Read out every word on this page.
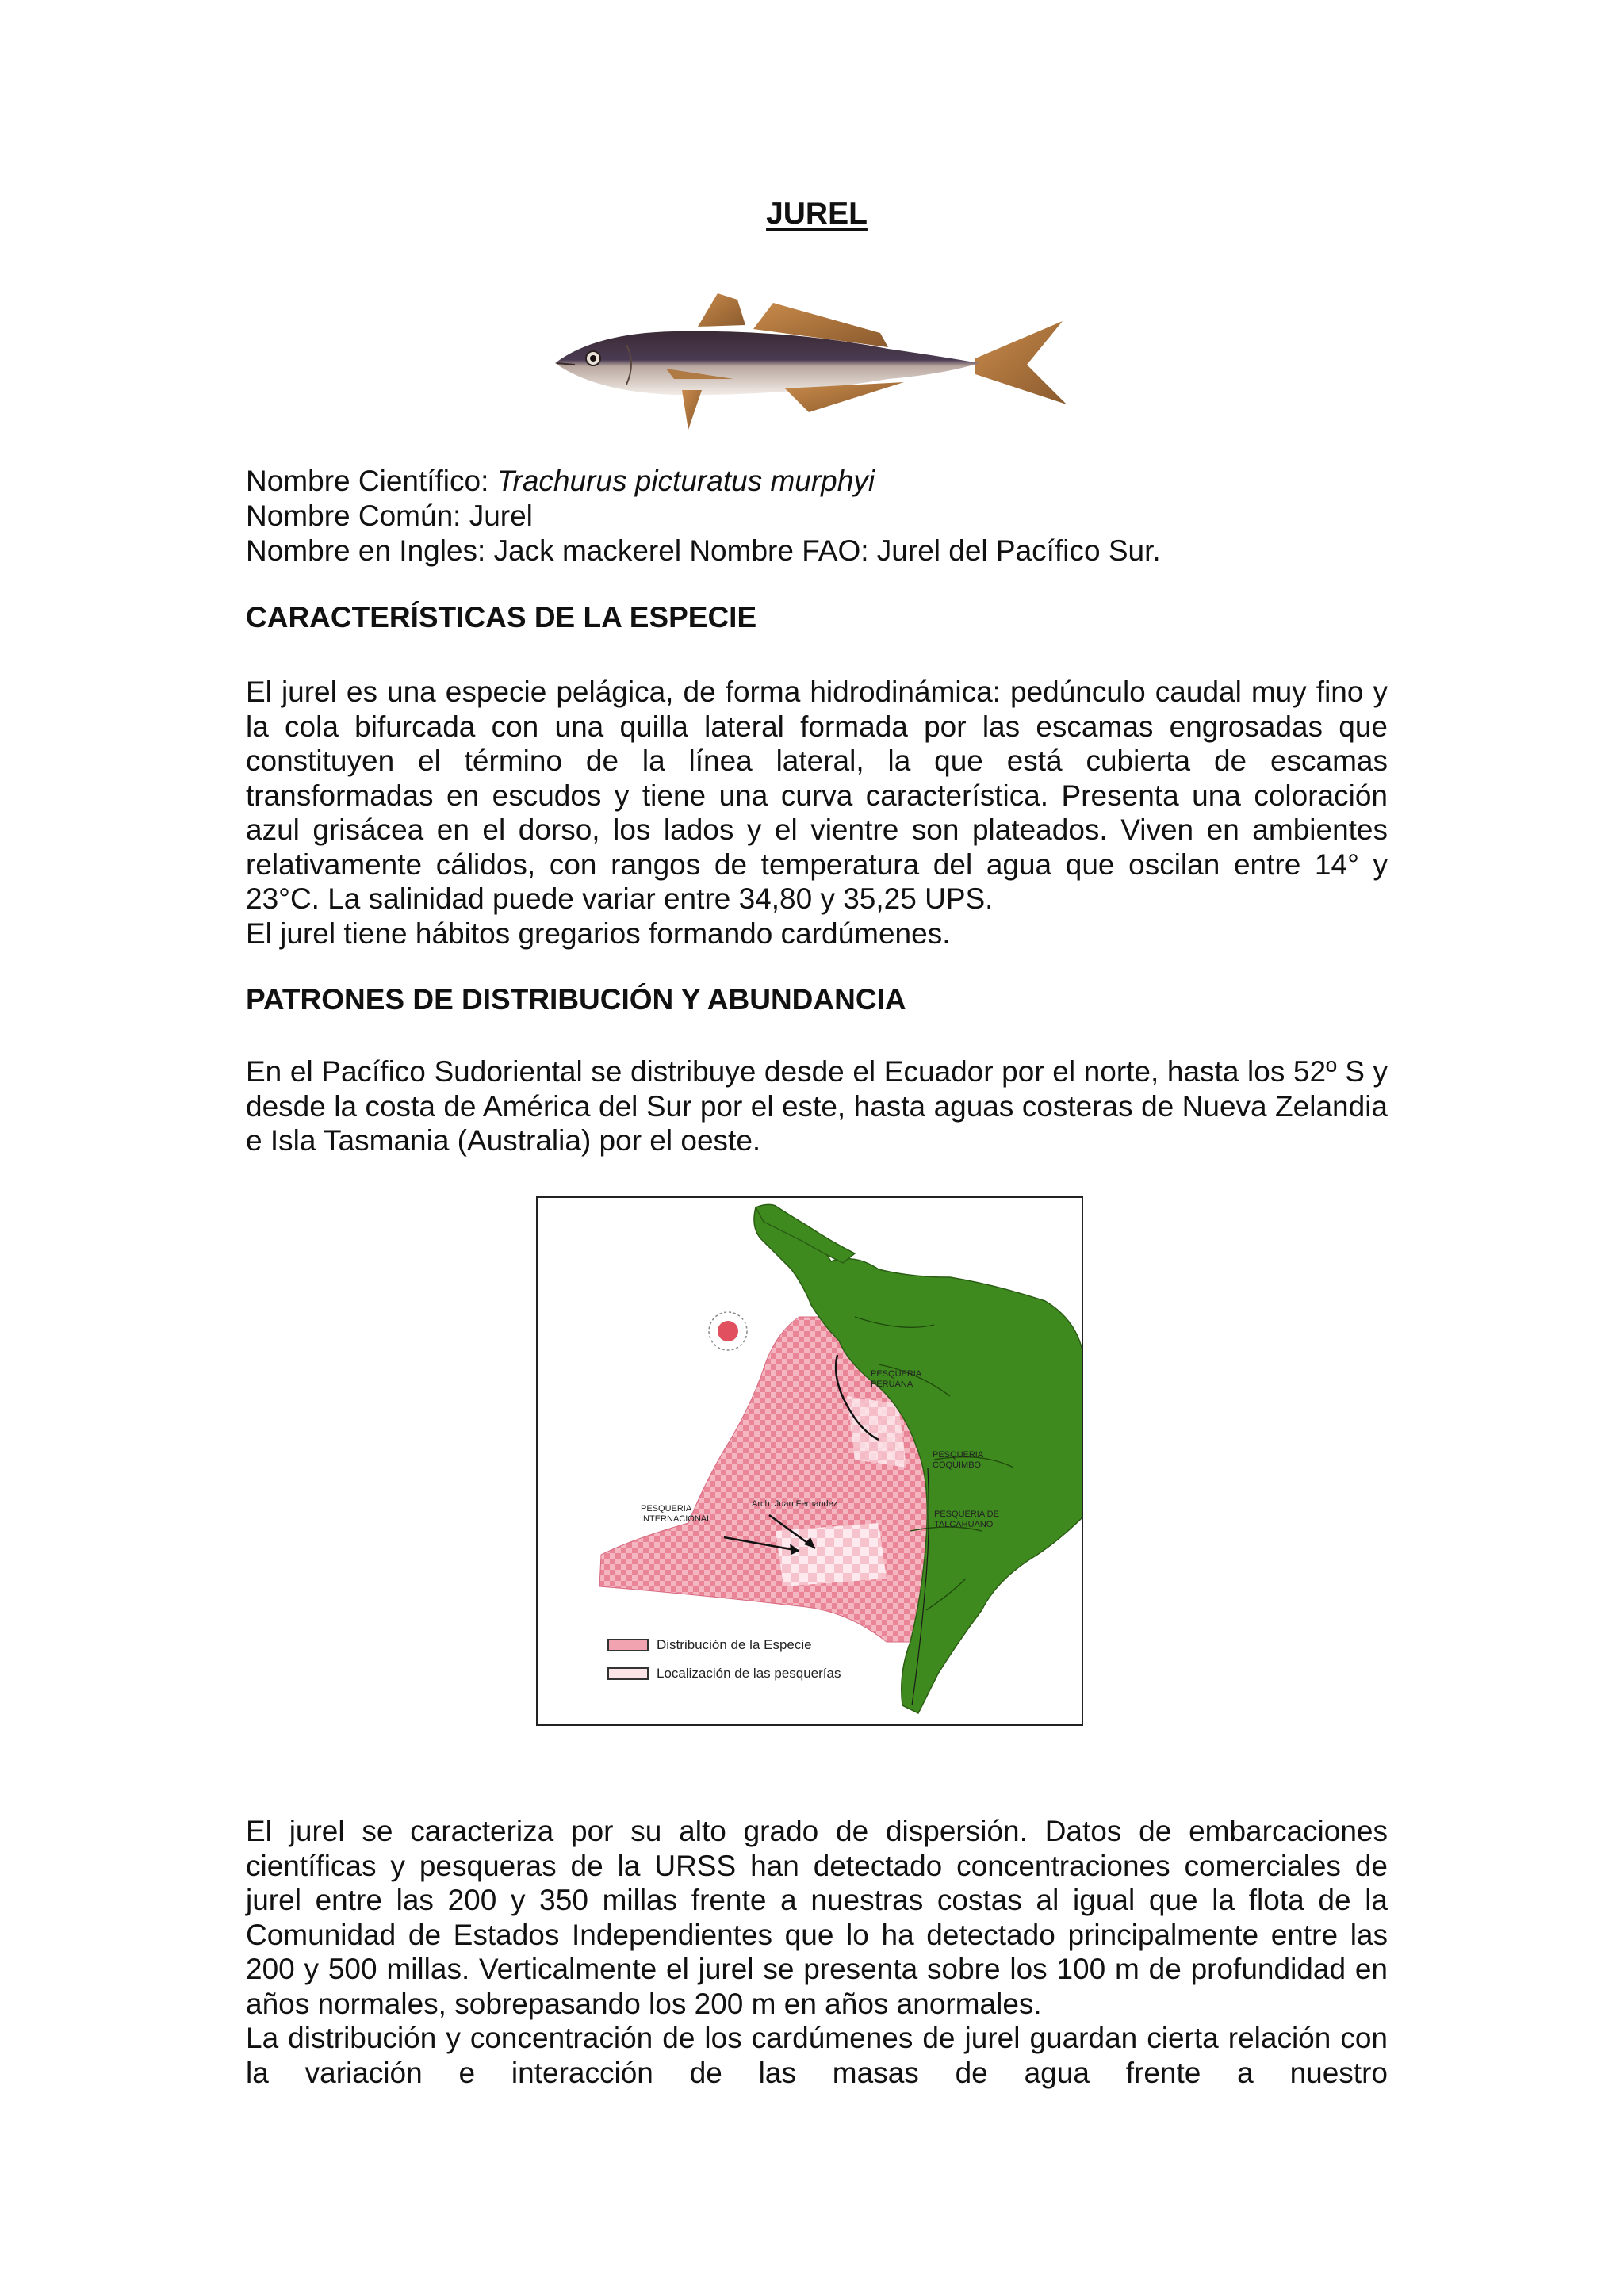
JUREL
Nombre Científico: Trachurus picturatus murphyi
Nombre Común: Jurel
Nombre en Ingles: Jack mackerel Nombre FAO: Jurel del Pacífico Sur.
CARACTERÍSTICAS DE LA ESPECIE

El jurel es una especie pelágica, de forma hidrodinámica: pedúnculo caudal muy fino y la cola bifurcada con una quilla lateral formada por las escamas engrosadas que constituyen el término de la línea lateral, la que está cubierta de escamas transformadas en escudos y tiene una curva característica. Presenta una coloración azul grisácea en el dorso, los lados y el vientre son plateados. Viven en ambientes relativamente cálidos, con rangos de temperatura del agua que oscilan entre 14° y 23°C. La salinidad puede variar entre 34,80 y 35,25 UPS.

El jurel tiene hábitos gregarios formando cardúmenes.

PATRONES DE DISTRIBUCIÓN Y ABUNDANCIA

En el Pacífico Sudoriental se distribuye desde el Ecuador por el norte, hasta los 52º S y desde la costa de América del Sur por el este, hasta aguas costeras de Nueva Zelandia e Isla Tasmania (Australia) por el oeste.

PESQUERIA
PERUANA
PESQUERIA
COQUIMBO
PESQUERIA DE
TALCAHUANO
PESQUERIA
INTERNACIONAL
Arch. Juan Fernandez
Distribución de la Especie
Localización de las pesquerías

El jurel se caracteriza por su alto grado de dispersión. Datos de embarcaciones científicas y pesqueras de la URSS han detectado concentraciones comerciales de jurel entre las 200 y 350 millas frente a nuestras costas al igual que la flota de la Comunidad de Estados Independientes que lo ha detectado principalmente entre las 200 y 500 millas. Verticalmente el jurel se presenta sobre los 100 m de profundidad en años normales, sobrepasando los 200 m en años anormales.

La distribución y concentración de los cardúmenes de jurel guardan cierta relación con la variación e interacción de las masas de agua frente a nuestro
